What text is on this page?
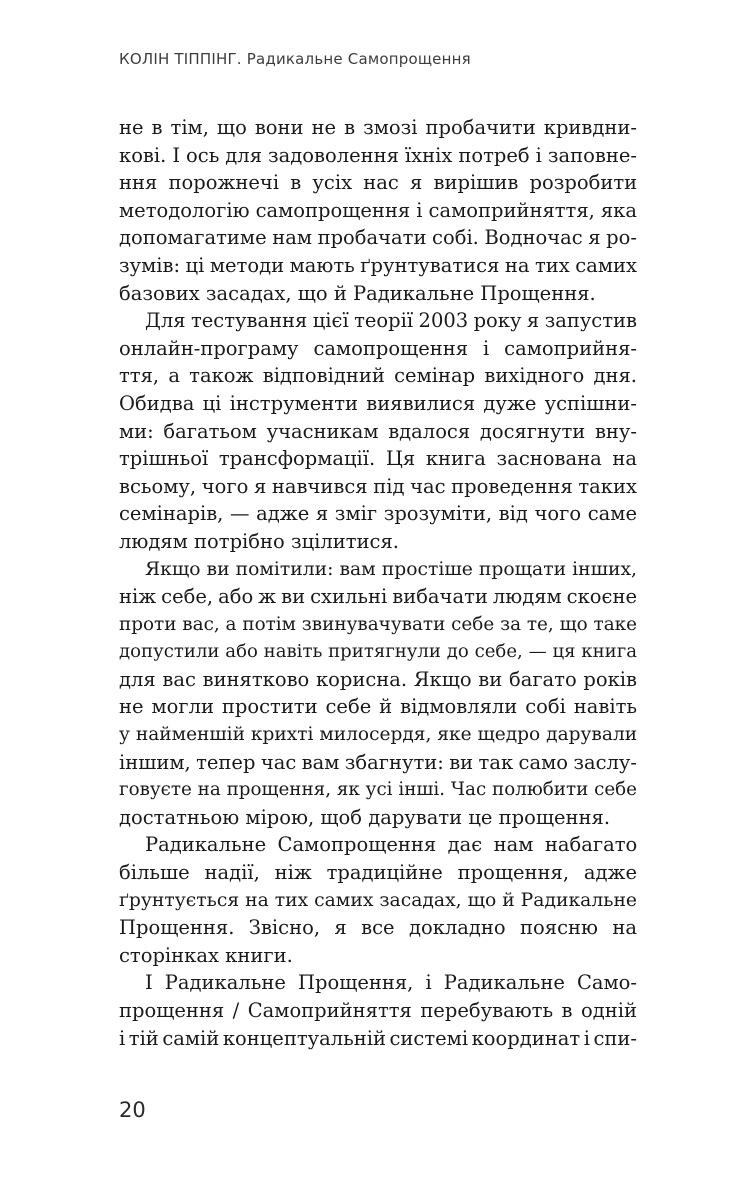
КОЛІН ТІППІНГ. Радикальне Самопрощення

не в тім, що вони не в змозі пробачити кривдни-
кові. І ось для задоволення їхніх потреб і заповне-
ння порожнечі в усіх нас я вирішив розробити
методологію самопрощення і самоприйняття, яка
допомагатиме нам пробачати собі. Водночас я ро-
зумів: ці методи мають ґрунтуватися на тих самих
базових засадах, що й Радикальне Прощення.

Для тестування цієї теорії 2003 року я запустив
онлайн-програму самопрощення і самоприйня-
ття, а також відповідний семінар вихідного дня.
Обидва ці інструменти виявилися дуже успішни-
ми: багатьом учасникам вдалося досягнути вну-
трішньої трансформації. Ця книга заснована на
всьому, чого я навчився під час проведення таких
семінарів, — адже я зміг зрозуміти, від чого саме
людям потрібно зцілитися.

Якщо ви помітили: вам простіше прощати інших,
ніж себе, або ж ви схильні вибачати людям скоєне
проти вас, а потім звинувачувати себе за те, що таке
допустили або навіть притягнули до себе, — ця книга
для вас винятково корисна. Якщо ви багато років
не могли простити себе й відмовляли собі навіть
у найменшій крихті милосердя, яке щедро дарували
іншим, тепер час вам збагнути: ви так само заслу-
говуєте на прощення, як усі інші. Час полюбити себе
достатньою мірою, щоб дарувати це прощення.

Радикальне Самопрощення дає нам набагато
більше надії, ніж традиційне прощення, адже
ґрунтується на тих самих засадах, що й Радикальне
Прощення. Звісно, я все докладно поясню на
сторінках книги.

І Радикальне Прощення, і Радикальне Само-
прощення / Самоприйняття перебувають в одній
і тій самій концептуальній системі координат і спи-

20
